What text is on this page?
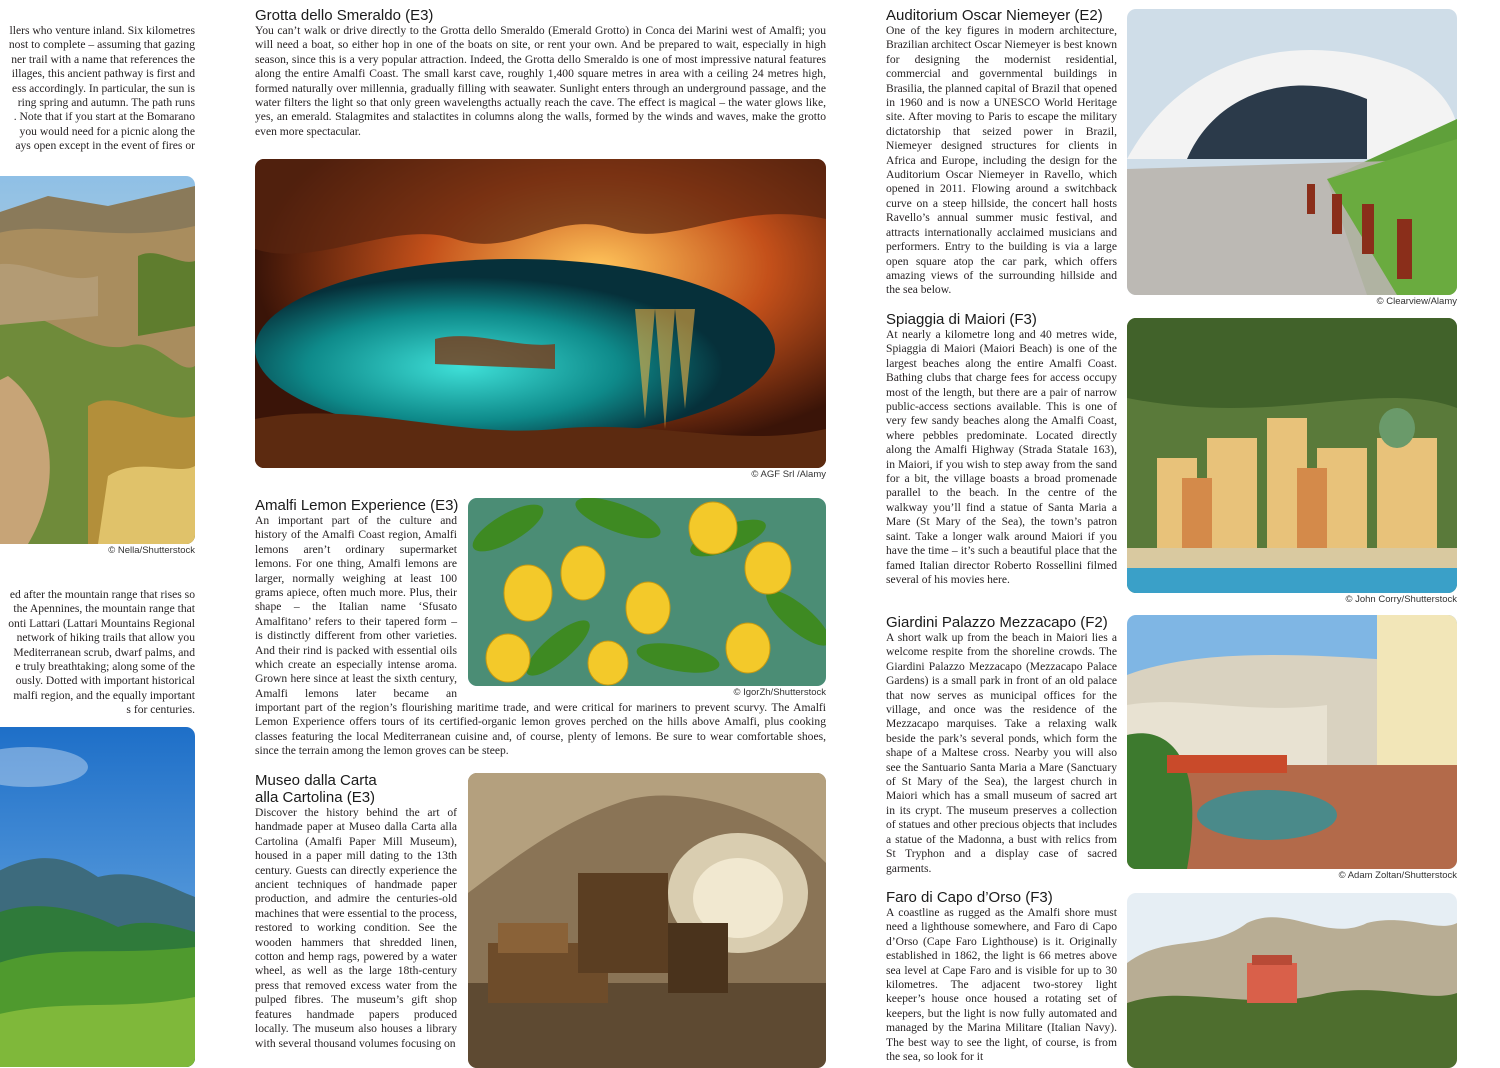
llers who venture inland. Six kilometres
nost to complete – assuming that gazing
ner trail with a name that references the
illages, this ancient pathway is first and
ess accordingly. In particular, the sun is
ring spring and autumn. The path runs
. Note that if you start at the Bomarano
you would need for a picnic along the
ays open except in the event of fires or
© Nella/Shutterstock
ed after the mountain range that rises so
the Apennines, the mountain range that
onti Lattari (Lattari Mountains Regional
network of hiking trails that allow you
Mediterranean scrub, dwarf palms, and
e truly breathtaking; along some of the
ously. Dotted with important historical
malfi region, and the equally important
s for centuries.
Grotta dello Smeraldo (E3)

You can’t walk or drive directly to the Grotta dello Smeraldo (Emerald Grotto) in Conca dei Marini west of Amalfi; you will need a boat, so either hop in one of the boats on site, or rent your own. And be prepared to wait, especially in high season, since this is a very popular attraction. Indeed, the Grotta dello Smeraldo is one of most impressive natural features along the entire Amalfi Coast. The small karst cave, roughly 1,400 square metres in area with a ceiling 24 metres high, formed naturally over millennia, gradually filling with seawater. Sunlight enters through an underground passage, and the water filters the light so that only green wavelengths actually reach the cave. The effect is magical – the water glows like, yes, an emerald. Stalagmites and stalactites in columns along the walls, formed by the winds and waves, make the grotto even more spectacular.

© AGF Srl /Alamy
Amalfi Lemon Experience (E3)

An important part of the culture and history of the Amalfi Coast region, Amalfi lemons aren’t ordinary supermarket lemons. For one thing, Amalfi lemons are larger, normally weighing at least 100 grams apiece, often much more. Plus, their shape – the Italian name ‘Sfusato Amalfitano’ refers to their tapered form – is distinctly different from other varieties. And their rind is packed with essential oils which create an especially intense aroma. Grown here since at least the sixth century, Amalfi lemons later became an	© IgorZh/Shutterstock

important part of the region’s flourishing maritime trade, and were critical for mariners to prevent scurvy. The Amalfi Lemon Experience offers tours of its certified-organic lemon groves perched on the hills above Amalfi, plus cooking classes featuring the local Mediterranean cuisine and, of course, plenty of lemons. Be sure to wear comfortable shoes, since the terrain among the lemon groves can be steep.

Museo dalla Carta
alla Cartolina (E3)

Discover the history behind the art of handmade paper at Museo dalla Carta alla Cartolina (Amalfi Paper Mill Museum), housed in a paper mill dating to the 13th century. Guests can directly experience the ancient techniques of handmade paper production, and admire the centuries-old machines that were essential to the process, restored to working condition. See the wooden hammers that shredded linen, cotton and hemp rags, powered by a water wheel, as well as the large 18th-century press that removed excess water from the pulped fibres. The museum’s gift shop features handmade papers produced locally. The museum also houses a library with several thousand volumes focusing on

Auditorium Oscar Niemeyer (E2)

One of the key figures in modern architecture, Brazilian architect Oscar Niemeyer is best known for designing the modernist residential, commercial and governmental buildings in Brasilia, the planned capital of Brazil that opened in 1960 and is now a UNESCO World Heritage site. After moving to Paris to escape the military dictatorship that seized power in Brazil, Niemeyer designed structures for clients in Africa and Europe, including the design for the Auditorium Oscar Niemeyer in Ravello, which opened in 2011. Flowing around a switchback curve on a steep hillside, the concert hall hosts Ravello’s annual summer music festival, and attracts internationally acclaimed musicians and performers. Entry to the building is via a large open square atop the car park, which offers amazing views of the surrounding hillside and the sea below.

© Clearview/Alamy
Spiaggia di Maiori (F3)

At nearly a kilometre long and 40 metres wide, Spiaggia di Maiori (Maiori Beach) is one of the largest beaches along the entire Amalfi Coast. Bathing clubs that charge fees for access occupy most of the length, but there are a pair of narrow public-access sections available. This is one of very few sandy beaches along the Amalfi Coast, where pebbles predominate. Located directly along the Amalfi Highway (Strada Statale 163), in Maiori, if you wish to step away from the sand for a bit, the village boasts a broad promenade parallel to the beach. In the centre of the walkway you’ll find a statue of Santa Maria a Mare (St Mary of the Sea), the town’s patron saint. Take a longer walk around Maiori if you have the time – it’s such a beautiful place that the famed Italian director Roberto Rossellini filmed several of his movies here.

© John Corry/Shutterstock
Giardini Palazzo Mezzacapo (F2)

A short walk up from the beach in Maiori lies a welcome respite from the shoreline crowds. The Giardini Palazzo Mezzacapo (Mezzacapo Palace Gardens) is a small park in front of an old palace that now serves as municipal offices for the village, and once was the residence of the Mezzacapo marquises. Take a relaxing walk beside the park’s several ponds, which form the shape of a Maltese cross. Nearby you will also see the Santuario Santa Maria a Mare (Sanctuary of St Mary of the Sea), the largest church in Maiori which has a small museum of sacred art in its crypt. The museum preserves a collection of statues and other precious objects that includes a statue of the Madonna, a bust with relics from St Tryphon and a display case of sacred garments.

© Adam Zoltan/Shutterstock
Faro di Capo d’Orso (F3)

A coastline as rugged as the Amalfi shore must need a lighthouse somewhere, and Faro di Capo d’Orso (Cape Faro Lighthouse) is it. Originally established in 1862, the light is 66 metres above sea level at Cape Faro and is visible for up to 30 kilometres. The adjacent two-storey light keeper’s house once housed a rotating set of keepers, but the light is now fully automated and managed by the Marina Militare (Italian Navy). The best way to see the light, of course, is from the sea, so look for it
